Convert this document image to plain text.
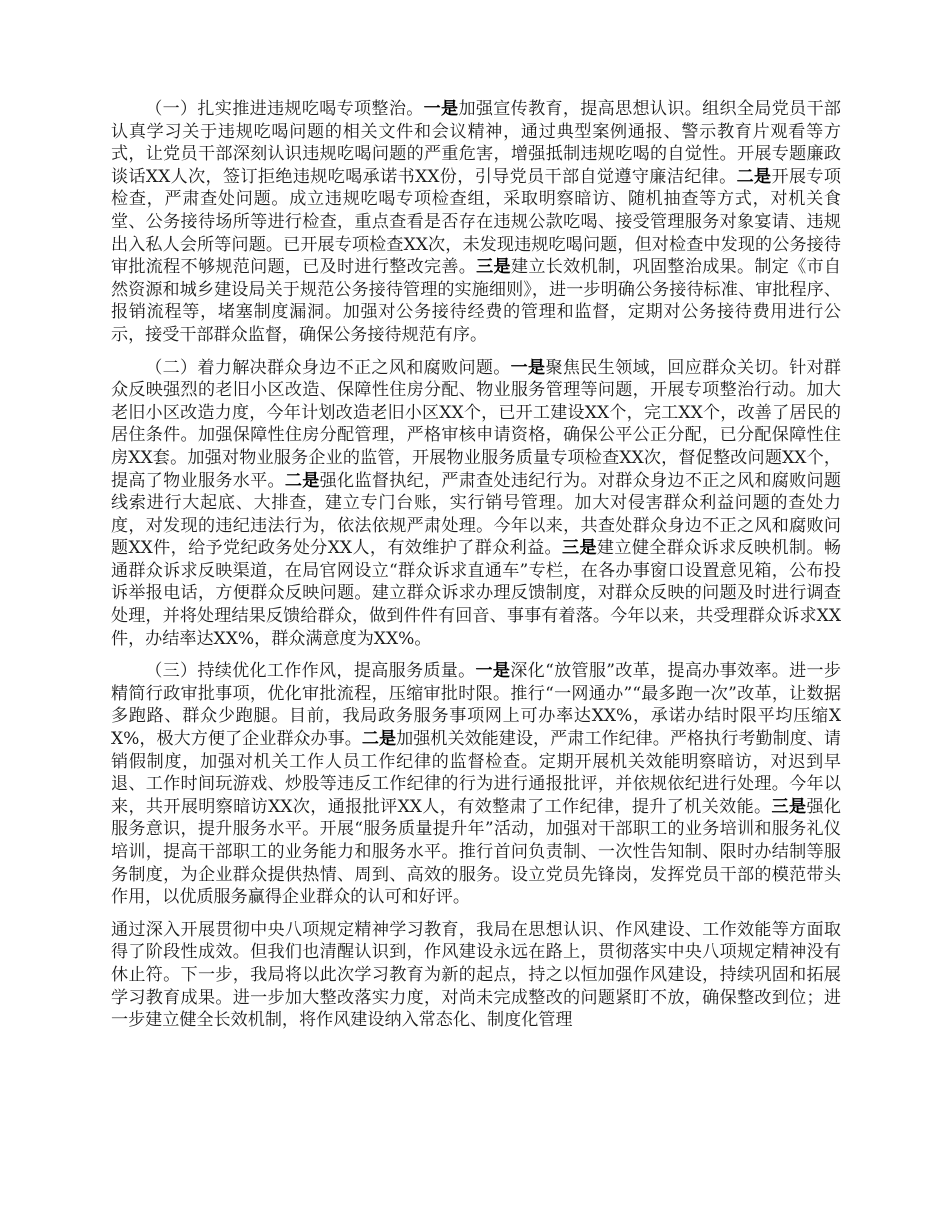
（一）扎实推进违规吃喝专项整治。一是加强宣传教育，提高思想认识。组织全局党员干部认真学习关于违规吃喝问题的相关文件和会议精神，通过典型案例通报、警示教育片观看等方式，让党员干部深刻认识违规吃喝问题的严重危害，增强抵制违规吃喝的自觉性。开展专题廉政谈话XX人次，签订拒绝违规吃喝承诺书XX份，引导党员干部自觉遵守廉洁纪律。二是开展专项检查，严肃查处问题。成立违规吃喝专项检查组，采取明察暗访、随机抽查等方式，对机关食堂、公务接待场所等进行检查，重点查看是否存在违规公款吃喝、接受管理服务对象宴请、违规出入私人会所等问题。已开展专项检查XX次，未发现违规吃喝问题，但对检查中发现的公务接待审批流程不够规范问题，已及时进行整改完善。三是建立长效机制，巩固整治成果。制定《市自然资源和城乡建设局关于规范公务接待管理的实施细则》，进一步明确公务接待标准、审批程序、报销流程等，堵塞制度漏洞。加强对公务接待经费的管理和监督，定期对公务接待费用进行公示，接受干部群众监督，确保公务接待规范有序。

（二）着力解决群众身边不正之风和腐败问题。一是聚焦民生领域，回应群众关切。针对群众反映强烈的老旧小区改造、保障性住房分配、物业服务管理等问题，开展专项整治行动。加大老旧小区改造力度，今年计划改造老旧小区XX个，已开工建设XX个，完工XX个，改善了居民的居住条件。加强保障性住房分配管理，严格审核申请资格，确保公平公正分配，已分配保障性住房XX套。加强对物业服务企业的监管，开展物业服务质量专项检查XX次，督促整改问题XX个，提高了物业服务水平。二是强化监督执纪，严肃查处违纪行为。对群众身边不正之风和腐败问题线索进行大起底、大排查，建立专门台账，实行销号管理。加大对侵害群众利益问题的查处力度，对发现的违纪违法行为，依法依规严肃处理。今年以来，共查处群众身边不正之风和腐败问题XX件，给予党纪政务处分XX人，有效维护了群众利益。三是建立健全群众诉求反映机制。畅通群众诉求反映渠道，在局官网设立“群众诉求直通车”专栏，在各办事窗口设置意见箱，公布投诉举报电话，方便群众反映问题。建立群众诉求办理反馈制度，对群众反映的问题及时进行调查处理，并将处理结果反馈给群众，做到件件有回音、事事有着落。今年以来，共受理群众诉求XX件，办结率达XX%，群众满意度为XX%。

（三）持续优化工作作风，提高服务质量。一是深化“放管服”改革，提高办事效率。进一步精简行政审批事项，优化审批流程，压缩审批时限。推行“一网通办”“最多跑一次”改革，让数据多跑路、群众少跑腿。目前，我局政务服务事项网上可办率达XX%，承诺办结时限平均压缩XX%，极大方便了企业群众办事。二是加强机关效能建设，严肃工作纪律。严格执行考勤制度、请销假制度，加强对机关工作人员工作纪律的监督检查。定期开展机关效能明察暗访，对迟到早退、工作时间玩游戏、炒股等违反工作纪律的行为进行通报批评，并依规依纪进行处理。今年以来，共开展明察暗访XX次，通报批评XX人，有效整肃了工作纪律，提升了机关效能。三是强化服务意识，提升服务水平。开展“服务质量提升年”活动，加强对干部职工的业务培训和服务礼仪培训，提高干部职工的业务能力和服务水平。推行首问负责制、一次性告知制、限时办结制等服务制度，为企业群众提供热情、周到、高效的服务。设立党员先锋岗，发挥党员干部的模范带头作用，以优质服务赢得企业群众的认可和好评。

通过深入开展贯彻中央八项规定精神学习教育，我局在思想认识、作风建设、工作效能等方面取得了阶段性成效。但我们也清醒认识到，作风建设永远在路上，贯彻落实中央八项规定精神没有休止符。下一步，我局将以此次学习教育为新的起点，持之以恒加强作风建设，持续巩固和拓展学习教育成果。进一步加大整改落实力度，对尚未完成整改的问题紧盯不放，确保整改到位；进一步建立健全长效机制，将作风建设纳入常态化、制度化管理
